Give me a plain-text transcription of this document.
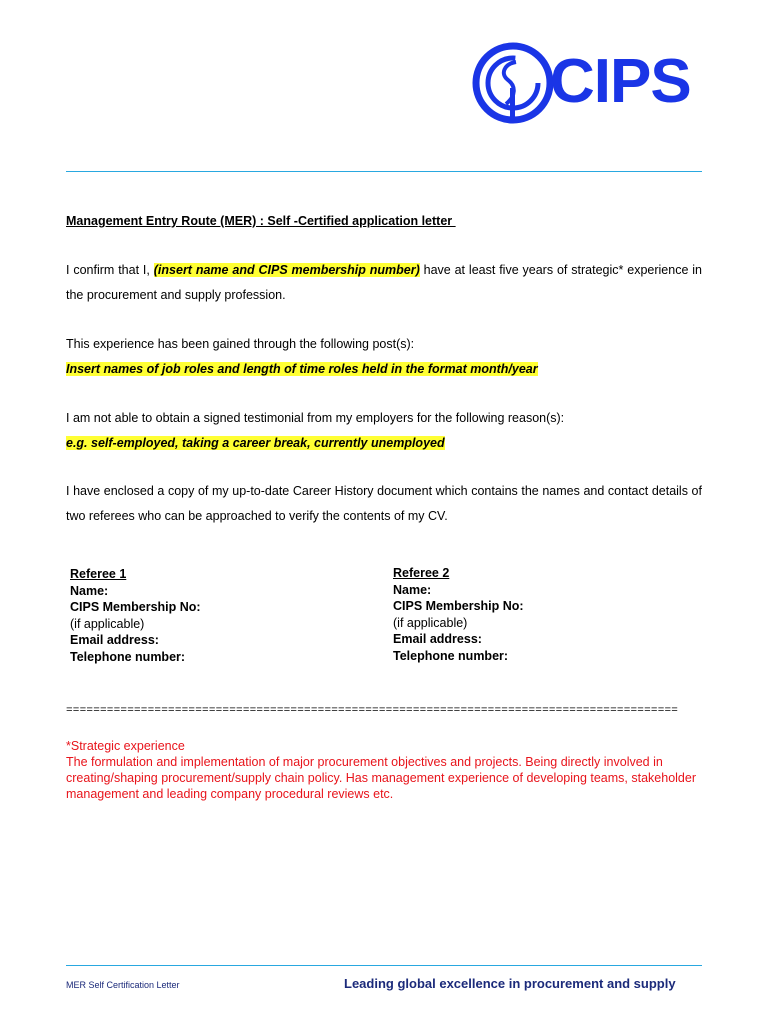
CIPS
Management Entry Route (MER) : Self -Certified application letter
I confirm that I, (insert name and CIPS membership number) have at least five years of strategic* experience in the procurement and supply profession.
This experience has been gained through the following post(s):
Insert names of job roles and length of time roles held in the format month/year
I am not able to obtain a signed testimonial from my employers for the following reason(s):
e.g. self-employed, taking a career break, currently unemployed
I have enclosed a copy of my up-to-date Career History document which contains the names and contact details of two referees who can be approached to verify the contents of my CV.
Referee 1
Name:
CIPS Membership No:
(if applicable)
Email address:
Telephone number:
Referee 2
Name:
CIPS Membership No:
(if applicable)
Email address:
Telephone number:
==========================================================================================
*Strategic experience
The formulation and implementation of major procurement objectives and projects. Being directly involved in creating/shaping procurement/supply chain policy. Has management experience of developing teams, stakeholder management and leading company procedural reviews etc.
MER Self Certification Letter	Leading global excellence in procurement and supply
